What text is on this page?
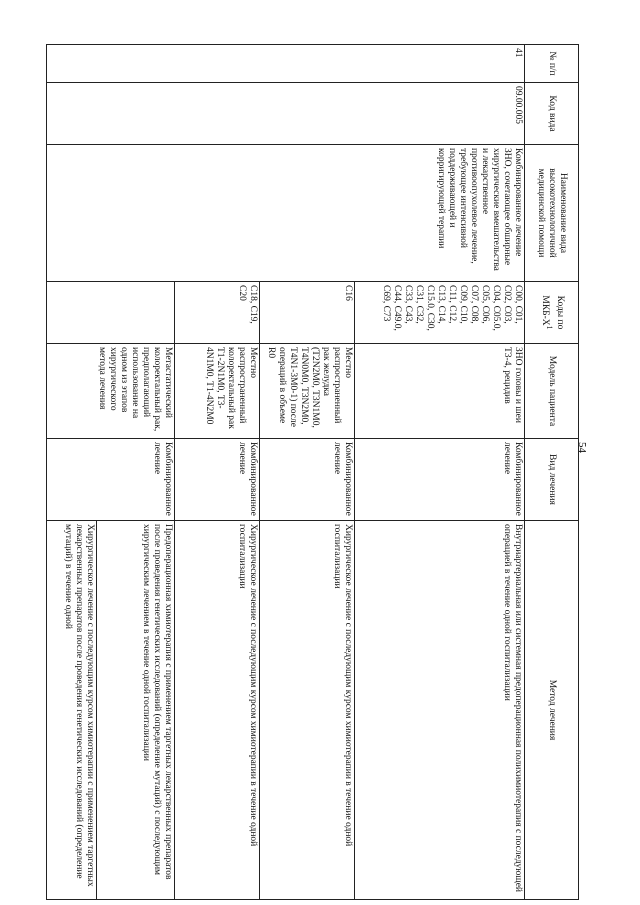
54
№ п/п	Код вида	Наименование вида высокотехнологичной медицинской помощи	Коды по МКБ-$Х^1$	Модель пациента	Вид лечения	Метод лечения
41	09.00.005	Комбинированное лечение ЗНО, сочетающее обширные хирургические вмешательства и лекарственное противоопухолевое лечение, требующее интенсивной поддерживающей и корригирующей терапии	C00, C01, C02, C03, C04, C05.0, C05, C06, C07, C08, C09, C10, C11, C12, C13, C14, C15.0, C30, C31, C32, C33, C43, C44, C49.0, C69, C73	ЗНО головы и шеи Т3-4, рецидив	Комбинированное лечение	Внутриартериальная или системная предоперационная полихимиотерапия с последующей операцией в течение одной госпитализации
			C16	Местно распространенный рак желудка (T2N2M0, T3N1M0, T4N0M0, T3N2M0, T4N1-3M0-1) после операций в объеме R0	Комбинированное лечение	Хирургическое лечение с последующим курсом химиотерапии в течение одной госпитализации
			C18, C19, C20	Местно распространенный колоректальный рак T1-2N1M0, T3-4N1M0, T1-4N2M0	Комбинированное лечение	Хирургическое лечение с последующим курсом химиотерапии в течение одной госпитализации
				Метастатический колоректальный рак, предполагающий использование на одном из этапов хирургического метода лечения	Комбинированное лечение	Предоперационная химиотерапия с применением таргетных лекарственных препаратов после проведения генетических исследований (определение мутаций) с последующим хирургическим лечением в течение одной госпитализации
						Хирургическое лечение с последующим курсом химиотерапии с применением таргетных лекарственных препаратов после проведения генетических исследований (определение мутаций) в течение одной
